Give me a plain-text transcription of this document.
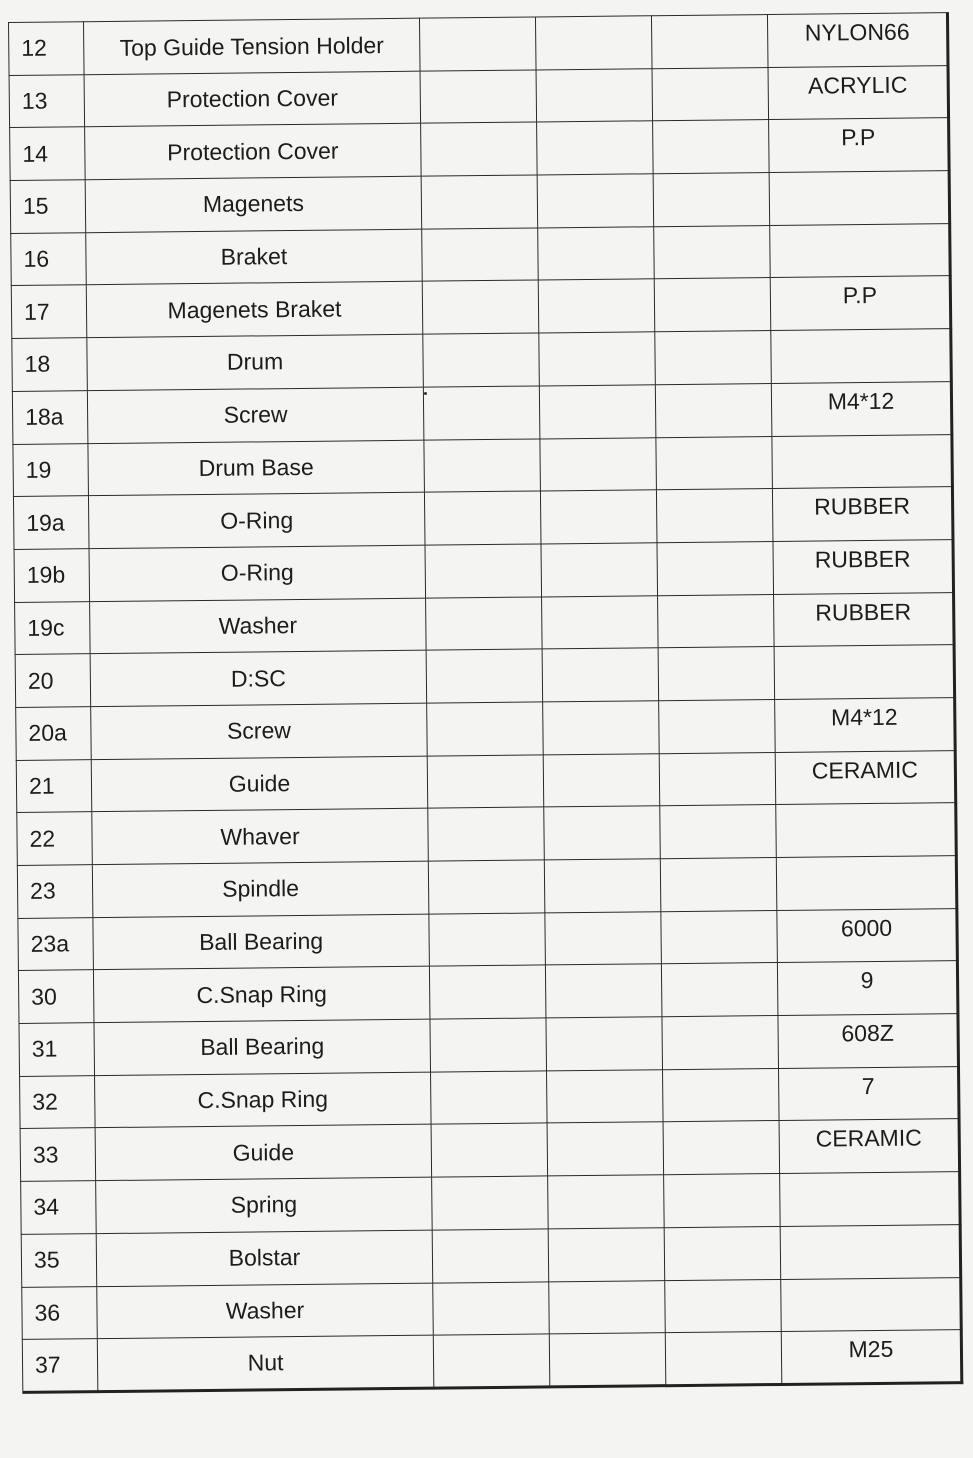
12	Top Guide Tension Holder				NYLON66
13	Protection Cover				ACRYLIC
14	Protection Cover				P.P
15	Magenets				
16	Braket				
17	Magenets Braket				P.P
18	Drum				
18a	Screw				M4*12
19	Drum Base				
19a	O-Ring				RUBBER
19b	O-Ring				RUBBER
19c	Washer				RUBBER
20	D:SC				
20a	Screw				M4*12
21	Guide				CERAMIC
22	Whaver				
23	Spindle				
23a	Ball Bearing				6000
30	C.Snap Ring				9
31	Ball Bearing				608Z
32	C.Snap Ring				7
33	Guide				CERAMIC
34	Spring				
35	Bolstar				
36	Washer				
37	Nut				M25
